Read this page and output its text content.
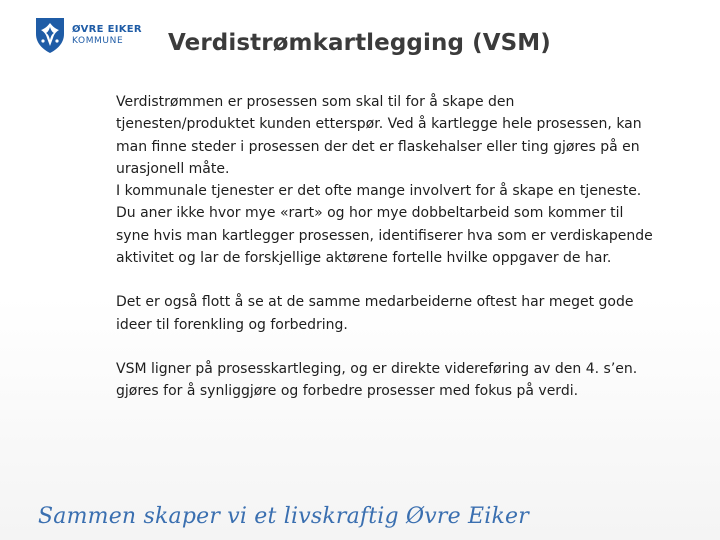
ØVRE EIKER
KOMMUNE	Verdistrømkartlegging (VSM)

Verdistrømmen er prosessen som skal til for å skape den
tjenesten/produktet kunden etterspør. Ved å kartlegge hele prosessen, kan
man finne steder i prosessen der det er flaskehalser eller ting gjøres på en
urasjonell måte.

I kommunale tjenester er det ofte mange involvert for å skape en tjeneste.
Du aner ikke hvor mye «rart» og hor mye dobbeltarbeid som kommer til
syne hvis man kartlegger prosessen, identifiserer hva som er verdiskapende
aktivitet og lar de forskjellige aktørene fortelle hvilke oppgaver de har.

Det er også flott å se at de samme medarbeiderne oftest har meget gode
ideer til forenkling og forbedring.

VSM ligner på prosesskartleging, og er direkte videreføring av den 4. s’en.
gjøres for å synliggjøre og forbedre prosesser med fokus på verdi.

Sammen skaper vi et livskraftig Øvre Eiker
